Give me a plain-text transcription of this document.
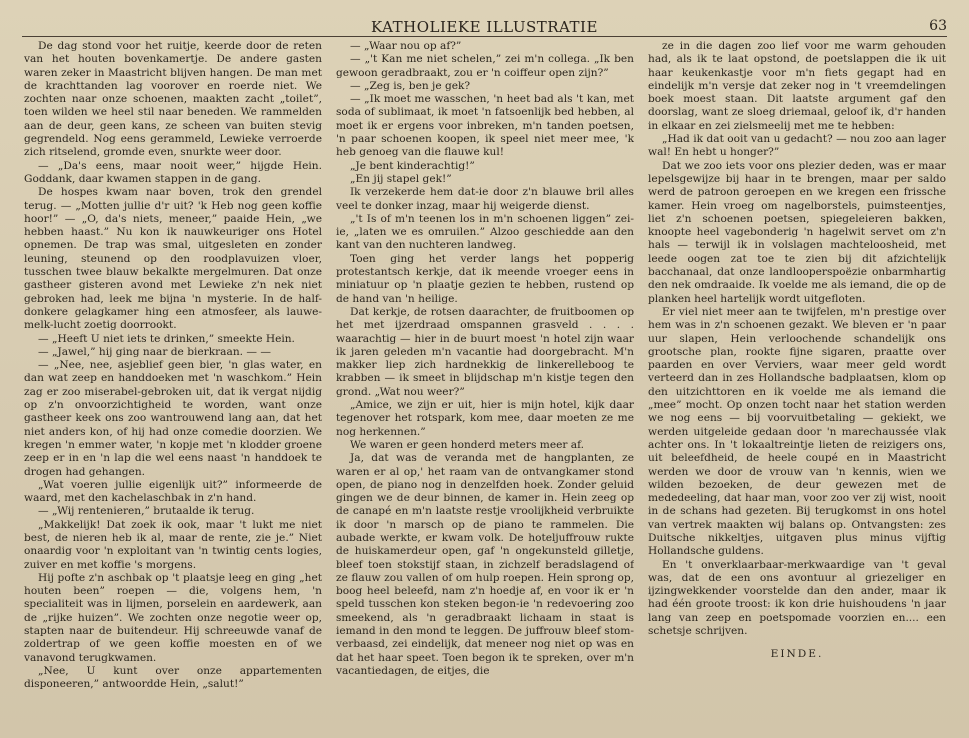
KATHOLIEKE ILLUSTRATIE	63

De dag stond voor het ruitje, keerde door de reten van het houten bovenkamertje. De andere gasten waren zeker in Maastricht blijven hangen. De man met de krachttanden lag voorover en roerde niet. We zochten naar onze schoenen, maakten zacht „toilet”, toen wilden we heel stil naar beneden. We rammelden aan de deur, geen kans, ze scheen van buiten stevig gegrendeld. Nog eens gerammeld, Lewieke verroerde zich ritselend, gromde even, snurkte weer door.

— „Da's eens, maar nooit weer,” hijgde Hein. Goddank, daar kwamen stappen in de gang.

De hospes kwam naar boven, trok den grendel terug. — „Motten jullie d'r uit? 'k Heb nog geen koffie hoor!” — „O, da's niets, meneer,” paaide Hein, „we hebben haast.” Nu kon ik nauwkeuriger ons Hotel opnemen. De trap was smal, uitgesleten en zonder leuning, steunend op den roodplavuizen vloer, tusschen twee blauw bekalkte mergelmuren. Dat onze gastheer gisteren avond met Lewieke z'n nek niet gebroken had, leek me bijna 'n mysterie. In de half-donkere gelagkamer hing een atmosfeer, als lauwe-melk-lucht zoetig doorrookt.

— „Heeft U niet iets te drinken,” smeekte Hein.

— „Jawel,” hij ging naar de bierkraan. — —

— „Nee, nee, asjeblief geen bier, 'n glas water, en dan wat zeep en handdoeken met 'n waschkom.” Hein zag er zoo miserabel-gebroken uit, dat ik vergat nijdig op z'n onvoorzichtigheid te worden, want onze gastheer keek ons zoo wantrouwend lang aan, dat het niet anders kon, of hij had onze comedie doorzien. We kregen 'n emmer water, 'n kopje met 'n klodder groene zeep er in en 'n lap die wel eens naast 'n handdoek te drogen had gehangen.

„Wat voeren jullie eigenlijk uit?” informeerde de waard, met den kachelaschbak in z'n hand.

— „Wij rentenieren,” brutaalde ik terug.

„Makkelijk! Dat zoek ik ook, maar 't lukt me niet best, de nieren heb ik al, maar de rente, zie je.” Niet onaardig voor 'n exploitant van 'n twintig cents logies, zuiver en met koffie 's morgens.

Hij pofte z'n aschbak op 't plaatsje leeg en ging „het houten been” roepen — die, volgens hem, 'n specialiteit was in lijmen, porselein en aardewerk, aan de „rijke huizen”. We zochten onze negotie weer op, stapten naar de buitendeur. Hij schreeuwde vanaf de zoldertrap of we geen koffie moesten en of we vanavond terugkwamen.

„Nee, U kunt over onze appartementen disponeeren,” antwoordde Hein, „salut!”

— „Waar nou op af?”

— „'t Kan me niet schelen,” zei m'n collega. „Ik ben gewoon geradbraakt, zou er 'n coiffeur open zijn?”

— „Zeg is, ben je gek?

— „Ik moet me wasschen, 'n heet bad als 't kan, met soda of sublimaat, ik moet 'n fatsoenlijk bed hebben, al moet ik er ergens voor inbreken, m'n tanden poetsen, 'n paar schoenen koopen, ik speel niet meer mee, 'k heb genoeg van die flauwe kul!

„Je bent kinderachtig!”

„En jij stapel gek!”

Ik verzekerde hem dat-ie door z'n blauwe bril alles veel te donker inzag, maar hij weigerde dienst.

„'t Is of m'n teenen los in m'n schoenen liggen” zei-ie, „laten we es omruilen.” Alzoo geschiedde aan den kant van den nuchteren landweg.

Toen ging het verder langs het popperig protestantsch kerkje, dat ik meende vroeger eens in miniatuur op 'n plaatje gezien te hebben, rustend op de hand van 'n heilige.

Dat kerkje, de rotsen daarachter, de fruitboomen op het met ijzerdraad omspannen grasveld . . . . waarachtig — hier in de buurt moest 'n hotel zijn waar ik jaren geleden m'n vacantie had doorgebracht. M'n makker liep zich hardnekkig de linkerelleboog te krabben — ik smeet in blijdschap m'n kistje tegen den grond. „Wat nou weer?”

„Amice, we zijn er uit, hier is mijn hotel, kijk daar tegenover het rotspark, kom mee, daar moeten ze me nog herkennen.”

We waren er geen honderd meters meer af.

Ja, dat was de veranda met de hangplanten, ze waren er al op,' het raam van de ontvangkamer stond open, de piano nog in denzelfden hoek. Zonder geluid gingen we de deur binnen, de kamer in. Hein zeeg op de canapé en m'n laatste restje vroolijkheid verbruikte ik door 'n marsch op de piano te rammelen. Die aubade werkte, er kwam volk. De hoteljuffrouw rukte de huiskamerdeur open, gaf 'n ongekunsteld gilletje, bleef toen stokstijf staan, in zichzelf beradslagend of ze flauw zou vallen of om hulp roepen. Hein sprong op, boog heel beleefd, nam z'n hoedje af, en voor ik er 'n speld tusschen kon steken begon-ie 'n redevoering zoo smeekend, als 'n geradbraakt lichaam in staat is iemand in den mond te leggen. De juffrouw bleef stom-verbaasd, zei eindelijk, dat meneer nog niet op was en dat het haar speet. Toen begon ik te spreken, over m'n vacantiedagen, de eitjes, die

ze in die dagen zoo lief voor me warm gehouden had, als ik te laat opstond, de poetslappen die ik uit haar keukenkastje voor m'n fiets gegapt had en eindelijk m'n versje dat zeker nog in 't vreemdelingen boek moest staan. Dit laatste argument gaf den doorslag, want ze sloeg driemaal, geloof ik, d'r handen in elkaar en zei zielsmeelij met me te hebben:

„Had ik dat ooit van u gedacht? — nou zoo aan lager wal! En hebt u honger?”

Dat we zoo iets voor ons plezier deden, was er maar lepelsgewijze bij haar in te brengen, maar per saldo werd de patroon geroepen en we kregen een frissche kamer. Hein vroeg om nagelborstels, puimsteentjes, liet z'n schoenen poetsen, spiegeleieren bakken, knoopte heel vagebonderig 'n hagelwit servet om z'n hals — terwijl ik in volslagen machteloosheid, met leede oogen zat toe te zien bij dit afzichtelijk bacchanaal, dat onze landlooperspoëzie onbarmhartig den nek omdraaide. Ik voelde me als iemand, die op de planken heel hartelijk wordt uitgefloten.

Er viel niet meer aan te twijfelen, m'n prestige over hem was in z'n schoenen gezakt. We bleven er 'n paar uur slapen, Hein verloochende schandelijk ons grootsche plan, rookte fijne sigaren, praatte over paarden en over Verviers, waar meer geld wordt verteerd dan in zes Hollandsche badplaatsen, klom op den uitzichttoren en ik voelde me als iemand die „mee” mocht. Op onzen tocht naar het station werden we nog eens — bij voorvuitbetaling — gekiekt, we werden uitgeleide gedaan door 'n marechaussée vlak achter ons. In 't lokaaltreintje lieten de reizigers ons, uit beleefdheid, de heele coupé en in Maastricht werden we door de vrouw van 'n kennis, wien we wilden bezoeken, de deur gewezen met de mededeeling, dat haar man, voor zoo ver zij wist, nooit in de schans had gezeten. Bij terugkomst in ons hotel van vertrek maakten wij balans op. Ontvangsten: zes Duitsche nikkeltjes, uitgaven plus minus vijftig Hollandsche guldens.

En 't onverklaarbaar-merkwaardige van 't geval was, dat de een ons avontuur al griezeliger en ijzingwekkender voorstelde dan den ander, maar ik had één groote troost: ik kon drie huishoudens 'n jaar lang van zeep en poetspomade voorzien en.... een schetsje schrijven.

EINDE.
